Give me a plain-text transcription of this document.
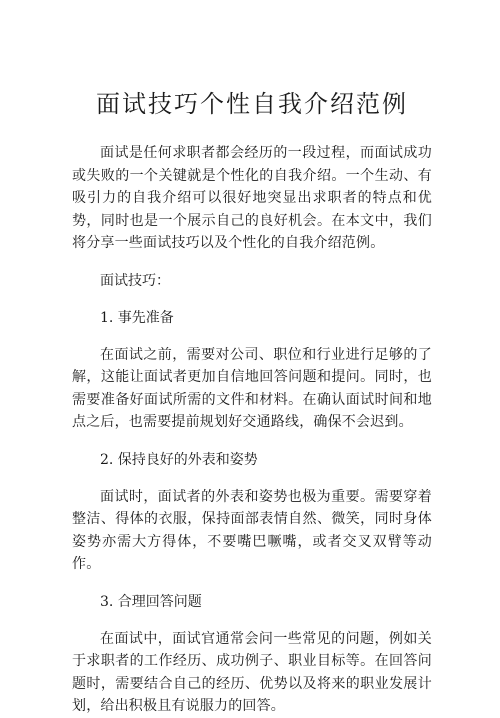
面试技巧个性自我介绍范例

面试是任何求职者都会经历的一段过程，而面试成功或失败的一个关键就是个性化的自我介绍。一个生动、有吸引力的自我介绍可以很好地突显出求职者的特点和优势，同时也是一个展示自己的良好机会。在本文中，我们将分享一些面试技巧以及个性化的自我介绍范例。

面试技巧：

1. 事先准备

在面试之前，需要对公司、职位和行业进行足够的了解，这能让面试者更加自信地回答问题和提问。同时，也需要准备好面试所需的文件和材料。在确认面试时间和地点之后，也需要提前规划好交通路线，确保不会迟到。

2. 保持良好的外表和姿势

面试时，面试者的外表和姿势也极为重要。需要穿着整洁、得体的衣服，保持面部表情自然、微笑，同时身体姿势亦需大方得体，不要嘴巴噘嘴，或者交叉双臂等动作。

3. 合理回答问题

在面试中，面试官通常会问一些常见的问题，例如关于求职者的工作经历、成功例子、职业目标等。在回答问题时，需要结合自己的经历、优势以及将来的职业发展计划，给出积极且有说服力的回答。
